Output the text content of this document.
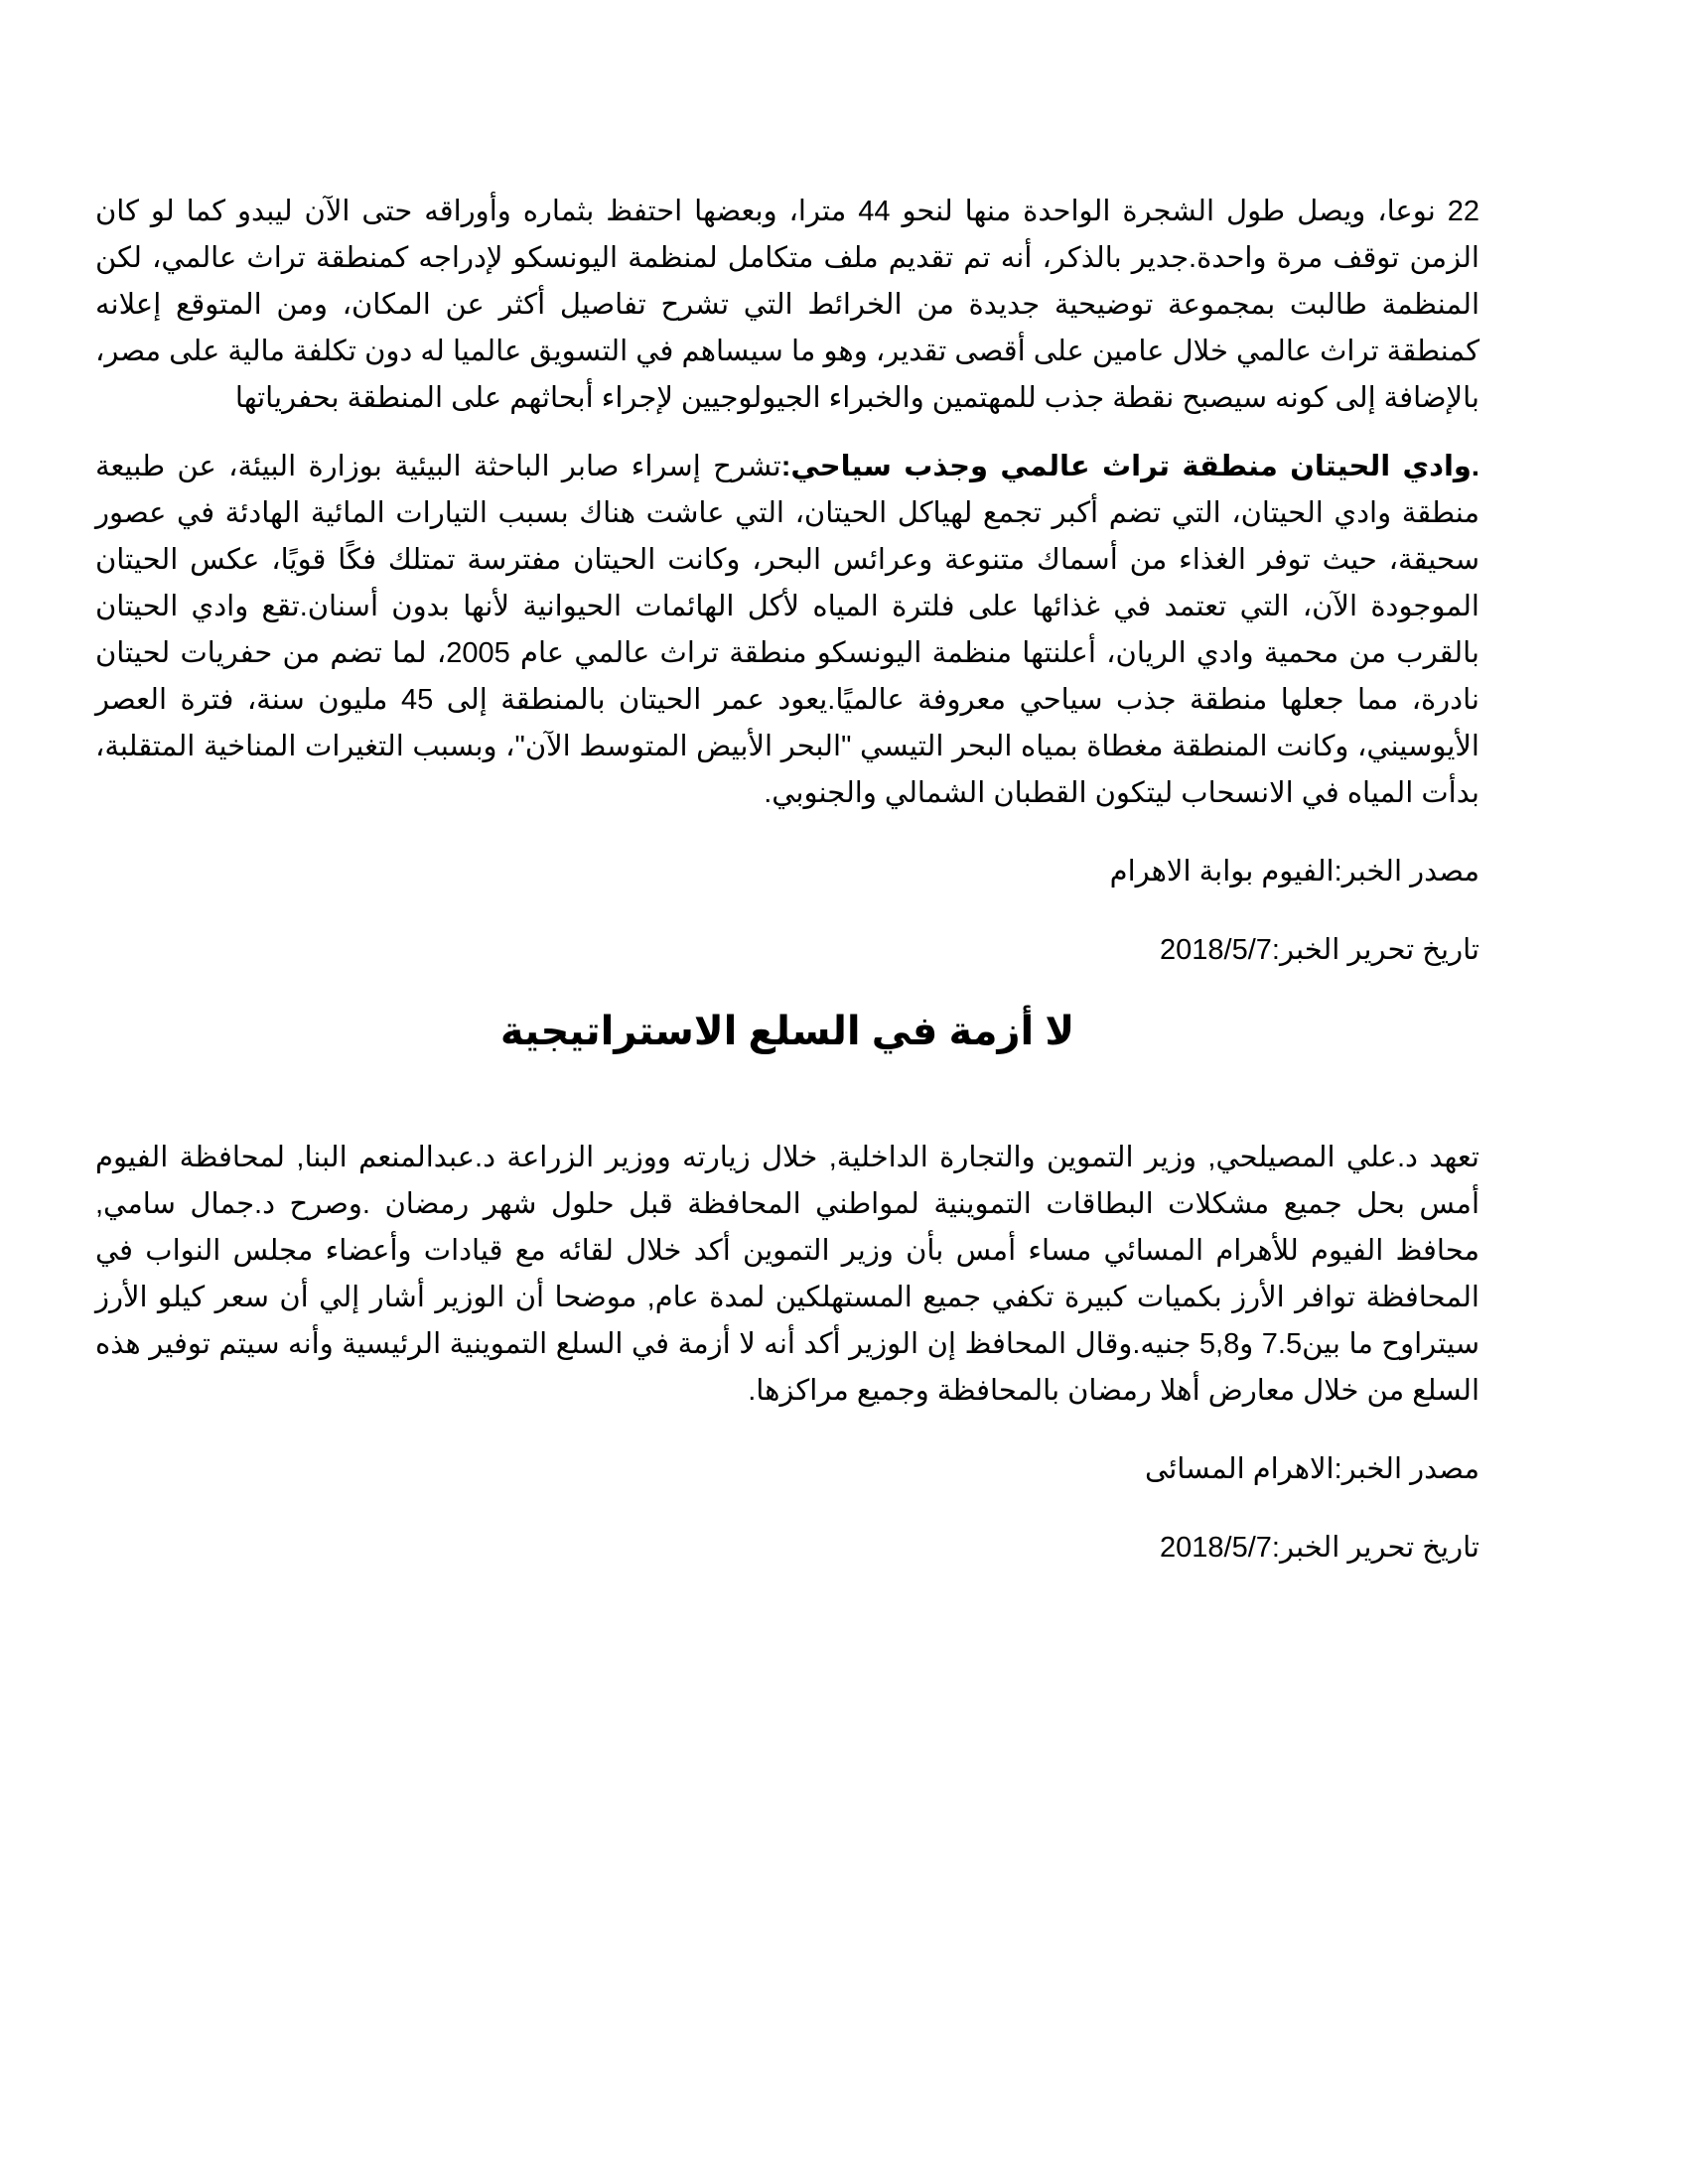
22 نوعا، ويصل طول الشجرة الواحدة منها لنحو 44 مترا، وبعضها احتفظ بثماره وأوراقه حتى الآن ليبدو كما لو كان الزمن توقف مرة واحدة.جدير بالذكر، أنه تم تقديم ملف متكامل لمنظمة اليونسكو لإدراجه كمنطقة تراث عالمي، لكن المنظمة طالبت بمجموعة توضيحية جديدة من الخرائط التي تشرح تفاصيل أكثر عن المكان، ومن المتوقع إعلانه كمنطقة تراث عالمي خلال عامين على أقصى تقدير، وهو ما سيساهم في التسويق عالميا له دون تكلفة مالية على مصر، بالإضافة إلى كونه سيصبح نقطة جذب للمهتمين والخبراء الجيولوجيين لإجراء أبحاثهم على المنطقة بحفرياتها

.وادي الحيتان منطقة تراث عالمي وجذب سياحي:تشرح إسراء صابر الباحثة البيئية بوزارة البيئة، عن طبيعة منطقة وادي الحيتان، التي تضم أكبر تجمع لهياكل الحيتان، التي عاشت هناك بسبب التيارات المائية الهادئة في عصور سحيقة، حيث توفر الغذاء من أسماك متنوعة وعرائس البحر، وكانت الحيتان مفترسة تمتلك فكًا قويًا، عكس الحيتان الموجودة الآن، التي تعتمد في غذائها على فلترة المياه لأكل الهائمات الحيوانية لأنها بدون أسنان.تقع وادي الحيتان بالقرب من محمية وادي الريان، أعلنتها منظمة اليونسكو منطقة تراث عالمي عام 2005، لما تضم من حفريات لحيتان نادرة، مما جعلها منطقة جذب سياحي معروفة عالميًا.يعود عمر الحيتان بالمنطقة إلى 45 مليون سنة، فترة العصر الأيوسيني، وكانت المنطقة مغطاة بمياه البحر التيسي "البحر الأبيض المتوسط الآن"، وبسبب التغيرات المناخية المتقلبة، بدأت المياه في الانسحاب ليتكون القطبان الشمالي والجنوبي.

مصدر الخبر:الفيوم بوابة الاهرام

تاريخ تحرير الخبر:2018/5/7

لا أزمة في السلع الاستراتيجية

تعهد د.علي المصيلحي, وزير التموين والتجارة الداخلية, خلال زيارته ووزير الزراعة د.عبدالمنعم البنا, لمحافظة الفيوم أمس بحل جميع مشكلات البطاقات التموينية لمواطني المحافظة قبل حلول شهر رمضان .وصرح د.جمال سامي, محافظ الفيوم للأهرام المسائي مساء أمس بأن وزير التموين أكد خلال لقائه مع قيادات وأعضاء مجلس النواب في المحافظة توافر الأرز بكميات كبيرة تكفي جميع المستهلكين لمدة عام, موضحا أن الوزير أشار إلي أن سعر كيلو الأرز سيتراوح ما بين7.5 و5,8 جنيه.وقال المحافظ إن الوزير أكد أنه لا أزمة في السلع التموينية الرئيسية وأنه سيتم توفير هذه السلع من خلال معارض أهلا رمضان بالمحافظة وجميع مراكزها.

مصدر الخبر:الاهرام المسائى

تاريخ تحرير الخبر:2018/5/7
